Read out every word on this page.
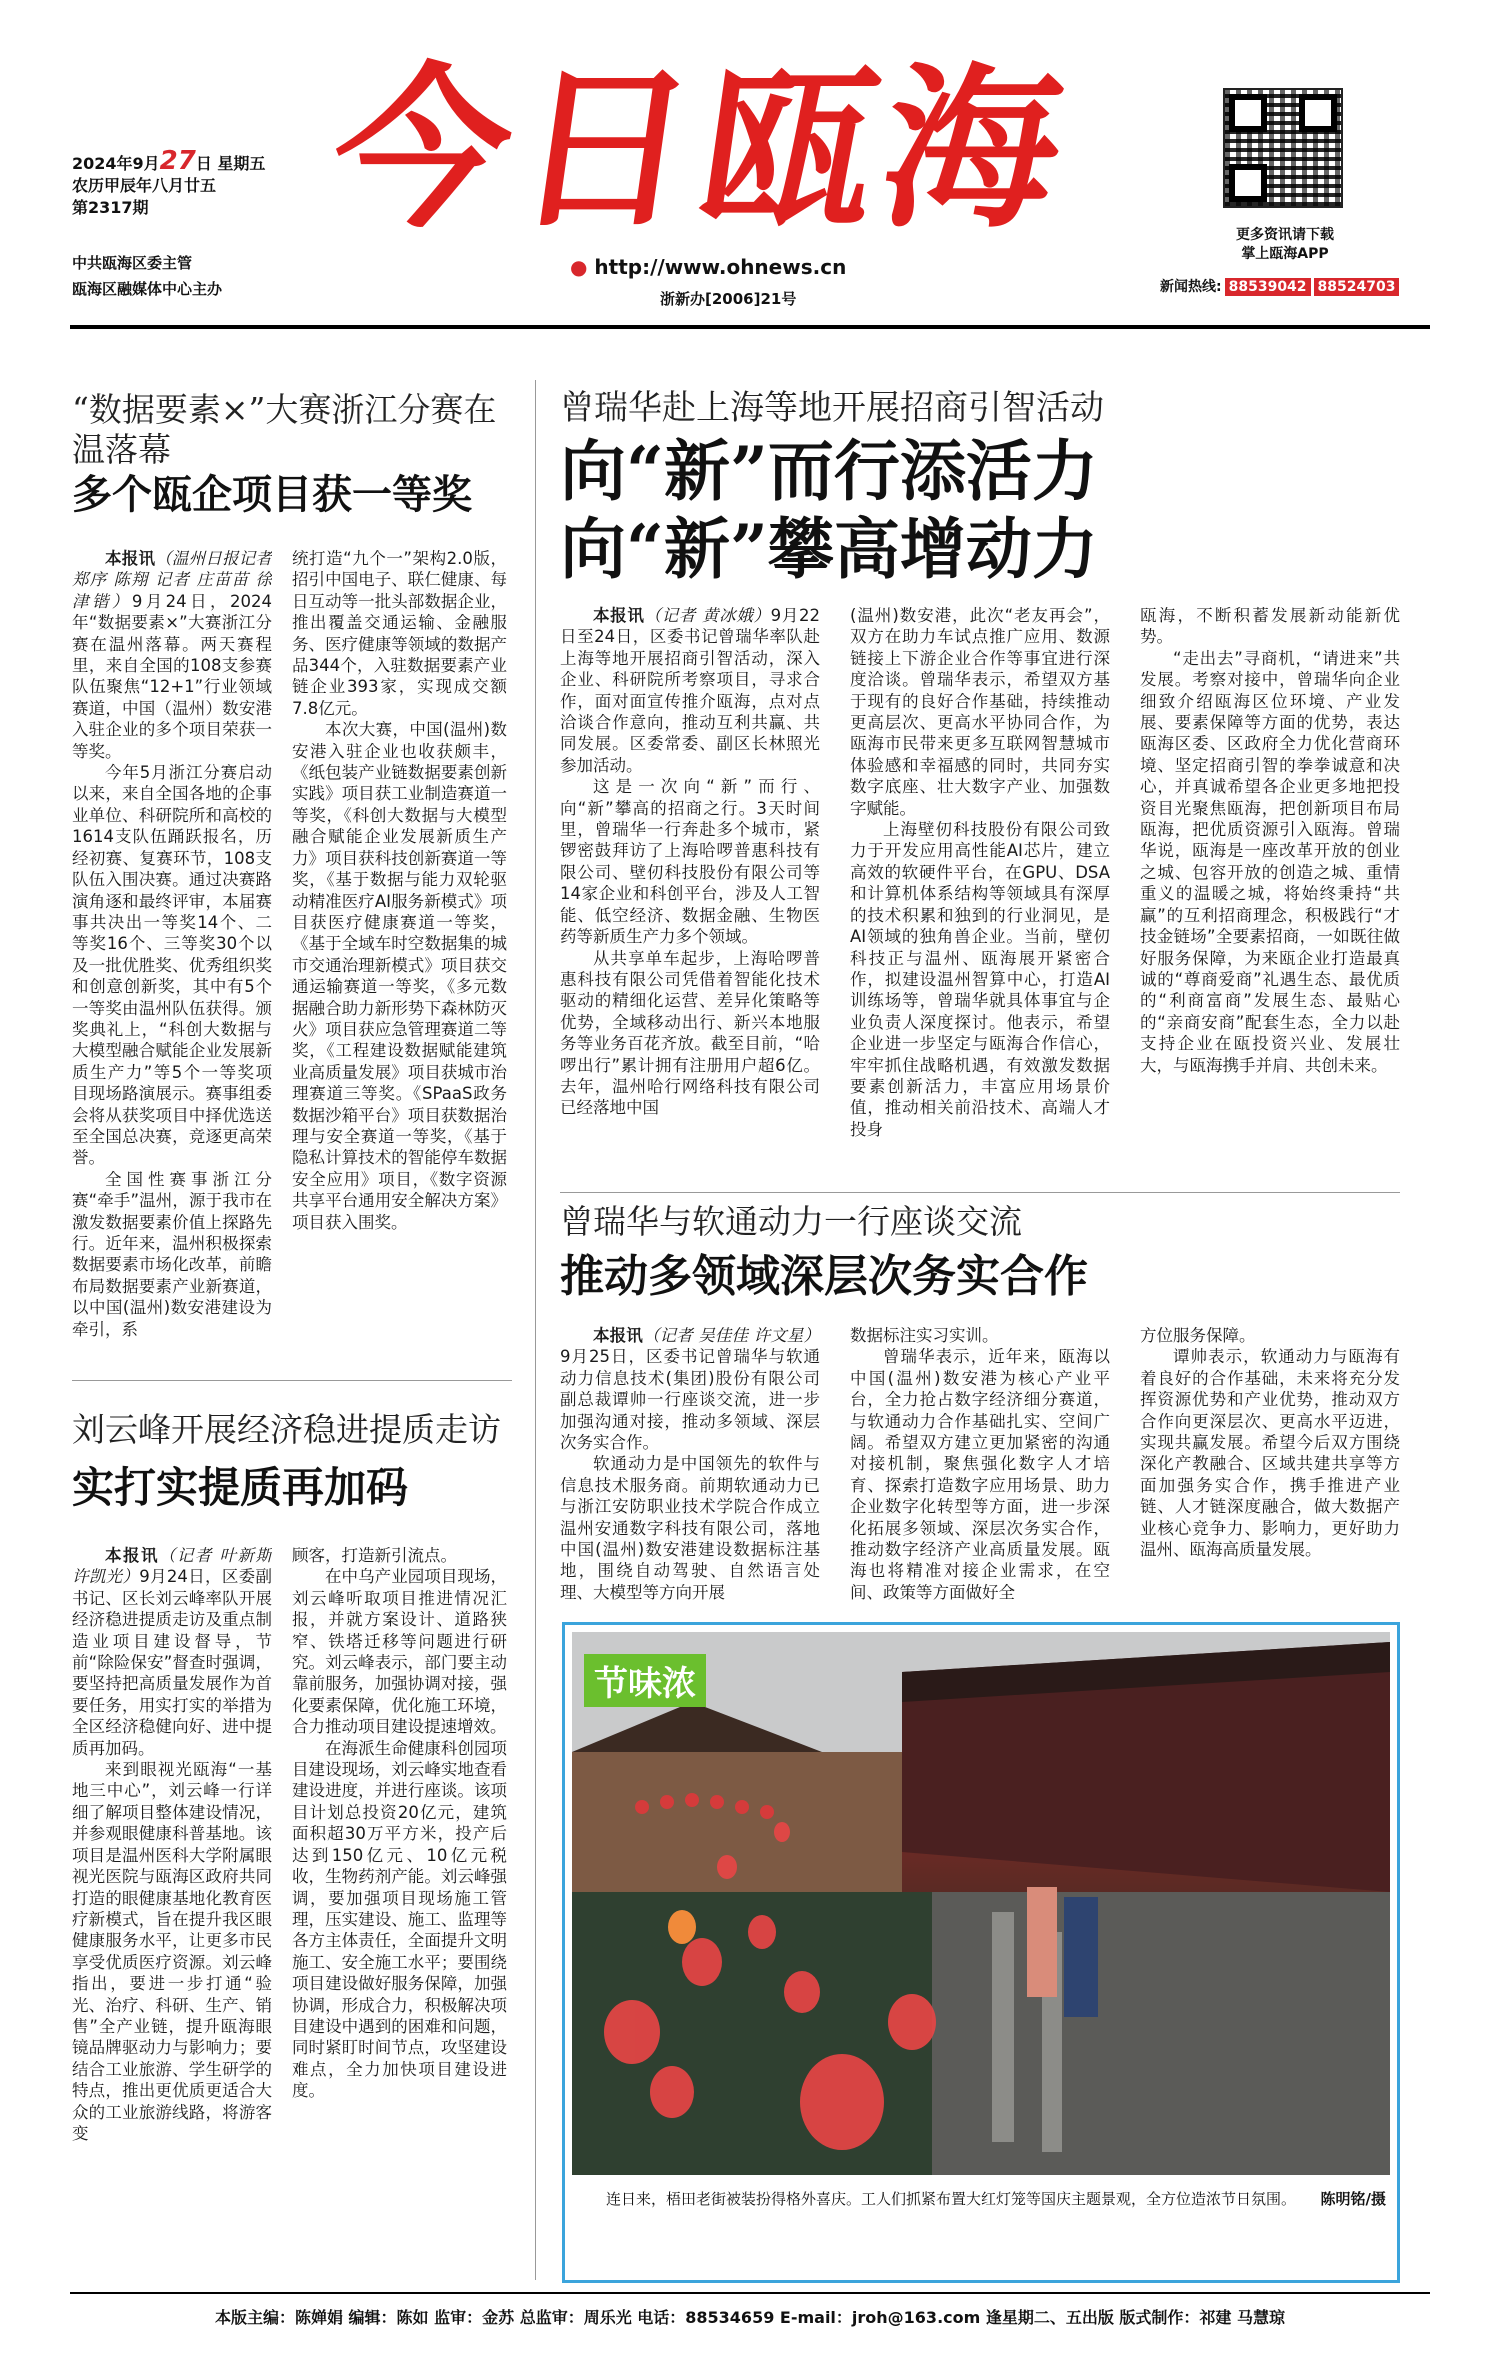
2024年9月27日 星期五
农历甲辰年八月廿五
第2317期
中共瓯海区委主管
瓯海区融媒体中心主办
今日瓯海
● http://www.ohnews.cn
浙新办[2006]21号
更多资讯请下载
掌上瓯海APP
新闻热线: 88539042 88524703
“数据要素×”大赛浙江分赛在温落幕
多个瓯企项目获一等奖
本报讯（温州日报记者 郑序 陈翔 记者 庄苗苗 徐津锴）9月24日，2024年“数据要素×”大赛浙江分赛在温州落幕。两天赛程里，来自全国的108支参赛队伍聚焦“12+1”行业领域赛道，中国（温州）数安港入驻企业的多个项目荣获一等奖。
今年5月浙江分赛启动以来，来自全国各地的企事业单位、科研院所和高校的1614支队伍踊跃报名，历经初赛、复赛环节，108支队伍入围决赛。通过决赛路演角逐和最终评审，本届赛事共决出一等奖14个、二等奖16个、三等奖30个以及一批优胜奖、优秀组织奖和创意创新奖，其中有5个一等奖由温州队伍获得。颁奖典礼上，“科创大数据与大模型融合赋能企业发展新质生产力”等5个一等奖项目现场路演展示。赛事组委会将从获奖项目中择优选送至全国总决赛，竞逐更高荣誉。
全国性赛事浙江分赛“牵手”温州，源于我市在激发数据要素价值上探路先行。近年来，温州积极探索数据要素市场化改革，前瞻布局数据要素产业新赛道，以中国(温州)数安港建设为牵引，系
统打造“九个一”架构2.0版，招引中国电子、联仁健康、每日互动等一批头部数据企业，推出覆盖交通运输、金融服务、医疗健康等领域的数据产品344个，入驻数据要素产业链企业393家，实现成交额7.8亿元。
本次大赛，中国(温州)数安港入驻企业也收获颇丰，《纸包装产业链数据要素创新实践》项目获工业制造赛道一等奖，《科创大数据与大模型融合赋能企业发展新质生产力》项目获科技创新赛道一等奖，《基于数据与能力双轮驱动精准医疗AI服务新模式》项目获医疗健康赛道一等奖，《基于全域车时空数据集的城市交通治理新模式》项目获交通运输赛道一等奖，《多元数据融合助力新形势下森林防灭火》项目获应急管理赛道二等奖，《工程建设数据赋能建筑业高质量发展》项目获城市治理赛道三等奖。《SPaaS政务数据沙箱平台》项目获数据治理与安全赛道一等奖，《基于隐私计算技术的智能停车数据安全应用》项目，《数字资源共享平台通用安全解决方案》项目获入围奖。
刘云峰开展经济稳进提质走访
实打实提质再加码
本报讯（记者 叶新斯 许凯光）9月24日，区委副书记、区长刘云峰率队开展经济稳进提质走访及重点制造业项目建设督导，节前“除险保安”督查时强调，要坚持把高质量发展作为首要任务，用实打实的举措为全区经济稳健向好、进中提质再加码。
来到眼视光瓯海“一基地三中心”，刘云峰一行详细了解项目整体建设情况，并参观眼健康科普基地。该项目是温州医科大学附属眼视光医院与瓯海区政府共同打造的眼健康基地化教育医疗新模式，旨在提升我区眼健康服务水平，让更多市民享受优质医疗资源。刘云峰指出，要进一步打通“验光、治疗、科研、生产、销售”全产业链，提升瓯海眼镜品牌驱动力与影响力；要结合工业旅游、学生研学的特点，推出更优质更适合大众的工业旅游线路，将游客变
顾客，打造新引流点。
在中乌产业园项目现场，刘云峰听取项目推进情况汇报，并就方案设计、道路狭窄、铁塔迁移等问题进行研究。刘云峰表示，部门要主动靠前服务，加强协调对接，强化要素保障，优化施工环境，合力推动项目建设提速增效。
在海派生命健康科创园项目建设现场，刘云峰实地查看建设进度，并进行座谈。该项目计划总投资20亿元，建筑面积超30万平方米，投产后达到150亿元、10亿元税收，生物药剂产能。刘云峰强调，要加强项目现场施工管理，压实建设、施工、监理等各方主体责任，全面提升文明施工、安全施工水平；要围绕项目建设做好服务保障，加强协调，形成合力，积极解决项目建设中遇到的困难和问题，同时紧盯时间节点，攻坚建设难点，全力加快项目建设进度。
曾瑞华赴上海等地开展招商引智活动
向“新”而行添活力
向“新”攀高增动力
本报讯（记者 黄冰娥）9月22日至24日，区委书记曾瑞华率队赴上海等地开展招商引智活动，深入企业、科研院所考察项目，寻求合作，面对面宣传推介瓯海，点对点洽谈合作意向，推动互利共赢、共同发展。区委常委、副区长林照光参加活动。
这是一次向“新”而行、向“新”攀高的招商之行。3天时间里，曾瑞华一行奔赴多个城市，紧锣密鼓拜访了上海哈啰普惠科技有限公司、壁仞科技股份有限公司等14家企业和科创平台，涉及人工智能、低空经济、数据金融、生物医药等新质生产力多个领域。
从共享单车起步，上海哈啰普惠科技有限公司凭借着智能化技术驱动的精细化运营、差异化策略等优势，全域移动出行、新兴本地服务等业务百花齐放。截至目前，“哈啰出行”累计拥有注册用户超6亿。去年，温州哈行网络科技有限公司已经落地中国
(温州)数安港，此次“老友再会”，双方在助力车试点推广应用、数源链接上下游企业合作等事宜进行深度洽谈。曾瑞华表示，希望双方基于现有的良好合作基础，持续推动更高层次、更高水平协同合作，为瓯海市民带来更多互联网智慧城市体验感和幸福感的同时，共同夯实数字底座、壮大数字产业、加强数字赋能。
上海壁仞科技股份有限公司致力于开发应用高性能AI芯片，建立高效的软硬件平台，在GPU、DSA和计算机体系结构等领域具有深厚的技术积累和独到的行业洞见，是AI领域的独角兽企业。当前，壁仞科技正与温州、瓯海展开紧密合作，拟建设温州智算中心，打造AI训练场等，曾瑞华就具体事宜与企业负责人深度探讨。他表示，希望企业进一步坚定与瓯海合作信心，牢牢抓住战略机遇，有效激发数据要素创新活力，丰富应用场景价值，推动相关前沿技术、高端人才投身
瓯海，不断积蓄发展新动能新优势。
“走出去”寻商机，“请进来”共发展。考察对接中，曾瑞华向企业细致介绍瓯海区位环境、产业发展、要素保障等方面的优势，表达瓯海区委、区政府全力优化营商环境、坚定招商引智的拳拳诚意和决心，并真诚希望各企业更多地把投资目光聚焦瓯海，把创新项目布局瓯海，把优质资源引入瓯海。曾瑞华说，瓯海是一座改革开放的创业之城、包容开放的创造之城、重情重义的温暖之城，将始终秉持“共赢”的互利招商理念，积极践行“才技金链场”全要素招商，一如既往做好服务保障，为来瓯企业打造最真诚的“尊商爱商”礼遇生态、最优质的“利商富商”发展生态、最贴心的“亲商安商”配套生态，全力以赴支持企业在瓯投资兴业、发展壮大，与瓯海携手并肩、共创未来。
曾瑞华与软通动力一行座谈交流
推动多领域深层次务实合作
本报讯（记者 吴佳佳 许文星）9月25日，区委书记曾瑞华与软通动力信息技术(集团)股份有限公司副总裁谭帅一行座谈交流，进一步加强沟通对接，推动多领域、深层次务实合作。
软通动力是中国领先的软件与信息技术服务商。前期软通动力已与浙江安防职业技术学院合作成立温州安通数字科技有限公司，落地中国(温州)数安港建设数据标注基地，围绕自动驾驶、自然语言处理、大模型等方向开展
数据标注实习实训。
曾瑞华表示，近年来，瓯海以中国(温州)数安港为核心产业平台，全力抢占数字经济细分赛道，与软通动力合作基础扎实、空间广阔。希望双方建立更加紧密的沟通对接机制，聚焦强化数字人才培育、探索打造数字应用场景、助力企业数字化转型等方面，进一步深化拓展多领域、深层次务实合作，推动数字经济产业高质量发展。瓯海也将精准对接企业需求，在空间、政策等方面做好全
方位服务保障。
谭帅表示，软通动力与瓯海有着良好的合作基础，未来将充分发挥资源优势和产业优势，推动双方合作向更深层次、更高水平迈进，实现共赢发展。希望今后双方围绕深化产教融合、区域共建共享等方面加强务实合作，携手推进产业链、人才链深度融合，做大数据产业核心竞争力、影响力，更好助力温州、瓯海高质量发展。
节味浓
连日来，梧田老街被装扮得格外喜庆。工人们抓紧布置大红灯笼等国庆主题景观，全方位造浓节日氛围。 陈明铭/摄
本版主编：陈婵娟 编辑：陈如 监审：金苏 总监审：周乐光 电话：88534659 E-mail：jroh@163.com 逢星期二、五出版 版式制作：祁建 马慧琼
